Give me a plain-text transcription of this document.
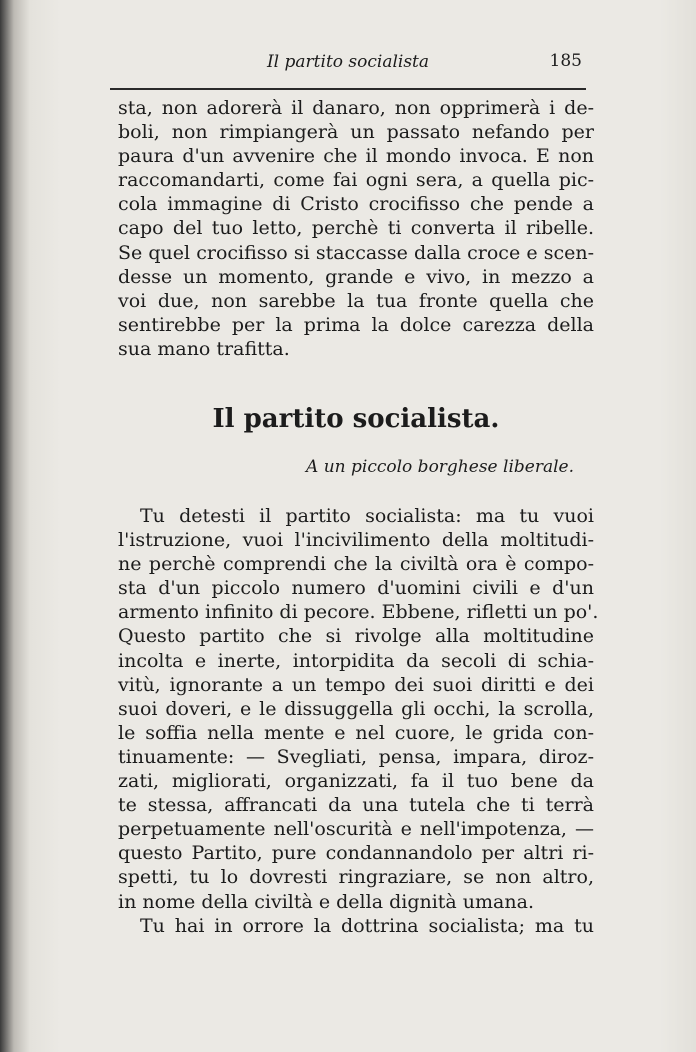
Il partito socialista	185
sta, non adorerà il danaro, non opprimerà i de-
boli, non rimpiangerà un passato nefando per
paura d'un avvenire che il mondo invoca. E non
raccomandarti, come fai ogni sera, a quella pic-
cola immagine di Cristo crocifisso che pende a
capo del tuo letto, perchè ti converta il ribelle.
Se quel crocifisso si staccasse dalla croce e scen-
desse un momento, grande e vivo, in mezzo a
voi due, non sarebbe la tua fronte quella che
sentirebbe per la prima la dolce carezza della
sua mano trafitta.
Il partito socialista.
A un piccolo borghese liberale.
Tu detesti il partito socialista: ma tu vuoi
l'istruzione, vuoi l'incivilimento della moltitudi-
ne perchè comprendi che la civiltà ora è compo-
sta d'un piccolo numero d'uomini civili e d'un
armento infinito di pecore. Ebbene, rifletti un po'.
Questo partito che si rivolge alla moltitudine
incolta e inerte, intorpidita da secoli di schia-
vitù, ignorante a un tempo dei suoi diritti e dei
suoi doveri, e le dissuggella gli occhi, la scrolla,
le soffia nella mente e nel cuore, le grida con-
tinuamente: — Svegliati, pensa, impara, diroz-
zati, migliorati, organizzati, fa il tuo bene da
te stessa, affrancati da una tutela che ti terrà
perpetuamente nell'oscurità e nell'impotenza, —
questo Partito, pure condannandolo per altri ri-
spetti, tu lo dovresti ringraziare, se non altro,
in nome della civiltà e della dignità umana.
Tu hai in orrore la dottrina socialista; ma tu
